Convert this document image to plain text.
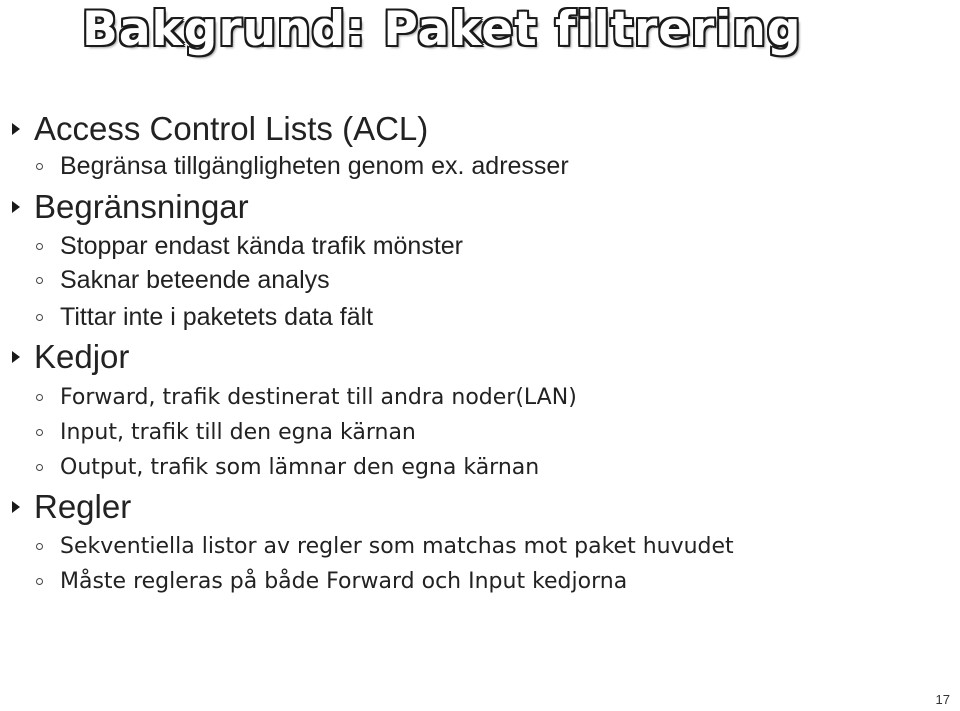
Bakgrund: Paket filtrering
Access Control Lists (ACL)
Begränsa tillgängligheten genom ex. adresser
Begränsningar
Stoppar endast kända trafik mönster
Saknar beteende analys
Tittar inte i paketets data fält
Kedjor
Forward, trafik destinerat till andra noder(LAN)
Input, trafik till den egna kärnan
Output, trafik som lämnar den egna kärnan
Regler
Sekventiella listor av regler som matchas mot paket huvudet
Måste regleras på både Forward och Input kedjorna
17
